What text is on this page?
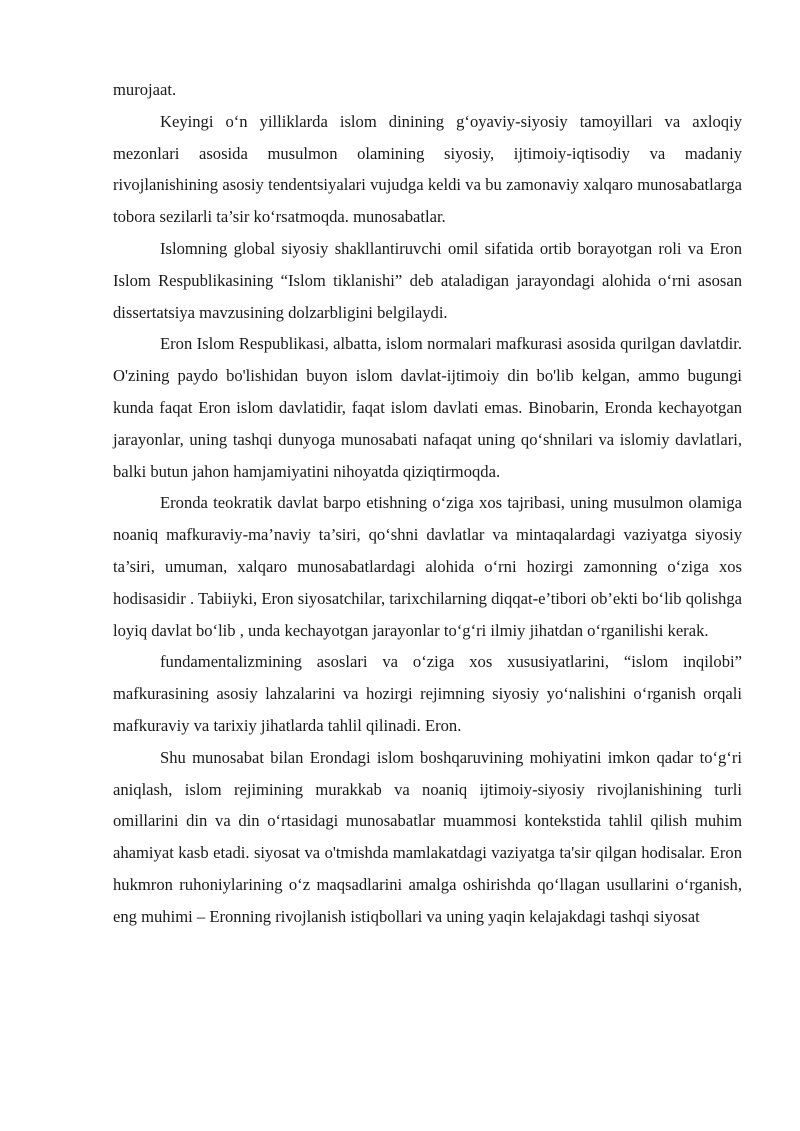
murojaat.

Keyingi o‘n yilliklarda islom dinining g‘oyaviy-siyosiy tamoyillari va axloqiy mezonlari asosida musulmon olamining siyosiy, ijtimoiy-iqtisodiy va madaniy rivojlanishining asosiy tendentsiyalari vujudga keldi va bu zamonaviy xalqaro munosabatlarga tobora sezilarli ta’sir ko‘rsatmoqda. munosabatlar.

Islomning global siyosiy shakllantiruvchi omil sifatida ortib borayotgan roli va Eron Islom Respublikasining “Islom tiklanishi” deb ataladigan jarayondagi alohida o‘rni asosan dissertatsiya mavzusining dolzarbligini belgilaydi.

Eron Islom Respublikasi, albatta, islom normalari mafkurasi asosida qurilgan davlatdir. O'zining paydo bo'lishidan buyon islom davlat-ijtimoiy din bo'lib kelgan, ammo bugungi kunda faqat Eron islom davlatidir, faqat islom davlati emas. Binobarin, Eronda kechayotgan jarayonlar, uning tashqi dunyoga munosabati nafaqat uning qo‘shnilari va islomiy davlatlari, balki butun jahon hamjamiyatini nihoyatda qiziqtirmoqda.

Eronda teokratik davlat barpo etishning o‘ziga xos tajribasi, uning musulmon olamiga noaniq mafkuraviy-ma’naviy ta’siri, qo‘shni davlatlar va mintaqalardagi vaziyatga siyosiy ta’siri, umuman, xalqaro munosabatlardagi alohida o‘rni hozirgi zamonning o‘ziga xos hodisasidir . Tabiiyki, Eron siyosatchilar, tarixchilarning diqqat-e’tibori ob’ekti bo‘lib qolishga loyiq davlat bo‘lib , unda kechayotgan jarayonlar to‘g‘ri ilmiy jihatdan o‘rganilishi kerak.

fundamentalizmining asoslari va o‘ziga xos xususiyatlarini, “islom inqilobi” mafkurasining asosiy lahzalarini va hozirgi rejimning siyosiy yo‘nalishini o‘rganish orqali mafkuraviy va tarixiy jihatlarda tahlil qilinadi. Eron.

Shu munosabat bilan Erondagi islom boshqaruvining mohiyatini imkon qadar to‘g‘ri aniqlash, islom rejimining murakkab va noaniq ijtimoiy-siyosiy rivojlanishining turli omillarini din va din o‘rtasidagi munosabatlar muammosi kontekstida tahlil qilish muhim ahamiyat kasb etadi. siyosat va o'tmishda mamlakatdagi vaziyatga ta'sir qilgan hodisalar. Eron hukmron ruhoniylarining o‘z maqsadlarini amalga oshirishda qo‘llagan usullarini o‘rganish, eng muhimi – Eronning rivojlanish istiqbollari va uning yaqin kelajakdagi tashqi siyosat
